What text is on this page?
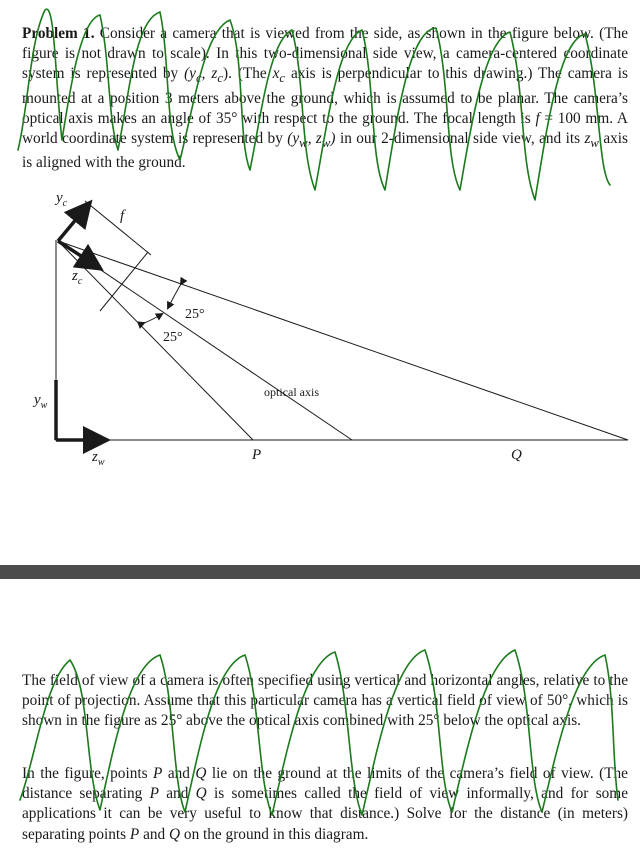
Problem 1. Consider a camera that is viewed from the side, as shown in the figure below. (The figure is not drawn to scale). In this two-dimensional side view, a camera-centered coordinate system is represented by ($y_c$, $z_c$). (The $x_c$ axis is perpendicular to this drawing.) The camera is mounted at a position 3 meters above the ground, which is assumed to be planar. The camera’s optical axis makes an angle of 35° with respect to the ground. The focal length is f = 100 mm. A world coordinate system is represented by ($y_w$, $z_w$) in our 2-dimensional side view, and its $z_w$ axis is aligned with the ground.

$y_c$
f
$z_c$
25°
25°
optical axis
$y_w$
$z_w$	P	Q

The field of view of a camera is often specified using vertical and horizontal angles, relative to the point of projection. Assume that this particular camera has a vertical field of view of 50°, which is shown in the figure as 25° above the optical axis combined with 25° below the optical axis.

In the figure, points P and Q lie on the ground at the limits of the camera’s field of view. (The distance separating P and Q is sometimes called the field of view informally, and for some applications it can be very useful to know that distance.) Solve for the distance (in meters) separating points P and Q on the ground in this diagram.
